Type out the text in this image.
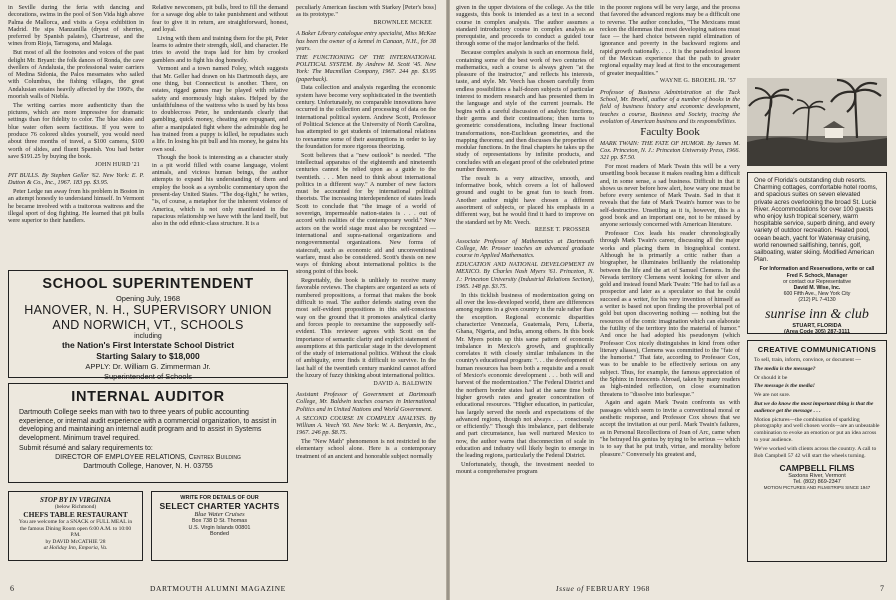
in Seville during the feria with dancing and decorations, swims in the pool of Son Vida high above Palma de Mallorca, and visits a Goya exhibition in Madrid. He sips Manzanilla (dryest of sherries, preferred by Spanish palates), Chartreuse, and the wines from Rioja, Tarragona, and Malaga.

But most of all the footnotes and voices of the past delight Mr. Bryant: the folk dances of Ronda, the cave dwellers of Andalusia, the professional water carriers of Medina Sidonia, the Palos messmates who sailed with Columbus, the fishing villages, the great Andalusian estates heavily affected by the 1960's, the moorish walls of Niebla.

The writing carries more authenticity than the pictures, which are more impressive for dramatic settings than for fidelity to color. The blue skies and blue water often seem factitious. If you were to produce 76 colored slides yourself, you would need about three months of travel, a $100 camera, $100 worth of slides, and fluent Spanish. You had better save $191.25 by buying the book.

JOHN HURD '21

PIT BULLS. By Stephen Geller '62. New York: E. P. Dutton & Co., Inc., 1967. 183 pp. $3.95.

Peter Ledge ran away from his problem in Boston in an attempt honestly to understand himself. In Vermont he became involved with a traitorous waitress and the illegal sport of dog fighting. He learned that pit bulls were superior to their handlers.

Relative newcomers, pit bulls, bred to fill the demand for a savage dog able to take punishment and without fear to give it in return, are straightforward, honest, and loyal.

Living with them and training them for the pit, Peter learns to admire their strength, skill, and character. He tries to avoid the traps laid for him by crooked gamblers and to fight his dog honestly.

Vermont and a town named Foley, which suggests that Mr. Geller had drawn on his Dartmouth days, are one thing, but Connecticut is another. There, on estates, rigged games may be played with relative safety and enormously high stakes. Helped by the unfaithfulness of the waitress who is used by his boss to doublecross Peter, he understands clearly that gambling, quick money, cheating are repugnant, and after a manipulated fight where the admirable dog he has trained from a puppy is killed, he repudiates such a life. In losing his pit bull and his money, he gains his own soul.

Though the book is interesting as a character study in a pit world filled with coarse language, violent animals, and vicious human beings, the author attempts to expand his understanding of them and employ the book as a symbolic commentary upon the present-day United States. "The dog-fight," he writes, "is, of course, a metaphor for the inherent violence of America, which is not only manifested in the rapacious relationship we have with the land itself, but also in the odd ethnic-class structure. It is a

peculiarly American fascism with Starkey [Peter's boss] as its prototype."

BROWNLEE MCKEE

A Baker Library catalogue entry specialist, Miss McKee has been the owner of a kennel in Canaan, N.H., for 38 years.

THE FUNCTIONING OF THE INTERNATIONAL POLITICAL SYSTEM. By Andrew M. Scott '45. New York: The Macmillan Company, 1967. 244 pp. $3.95 (paperback).

Data collection and analysis regarding the economic system have become very sophisticated in the twentieth century. Unfortunately, no comparable innovations have occurred in the collection and processing of data on the international political system. Andrew Scott, Professor of Political Science at the University of North Carolina, has attempted to get students of international relations to reexamine some of their assumptions in order to lay the foundation for more rigorous theorizing.

Scott believes that a "new outlook" is needed. "The intellectual apparatus of the eighteenth and nineteenth centuries cannot be relied upon as a guide to the twentieth. . . . Men need to think about international politics in a different way." A number of new factors must be accounted for by international political theorists. The increasing interdependence of states leads Scott to conclude that "the image of a world of sovereign, impermeable nation-states is . . . out of accord with realities of the contemporary world." New actors on the world stage must also be recognized — international and supra-national organizations and nongovernmental organizations. New forms of statecraft, such as economic aid and unconventional warfare, must also be considered. Scott's thesis on new ways of thinking about international politics is the strong point of this book.

Regrettably, the book is unlikely to receive many favorable reviews. The chapters are organized as sets of numbered propositions, a format that makes the book difficult to read. The author defends stating even the most self-evident propositions in this self-conscious way on the ground that it promotes analytical clarity and forces people to reexamine the supposedly self-evident. This reviewer agrees with Scott on the importance of semantic clarity and explicit statement of assumptions at this particular stage in the development of the study of international politics. Without the cloak of ambiguity, error finds it difficult to survive. In the last half of the twentieth century mankind cannot afford the luxury of fuzzy thinking about international politics.

DAVID A. BALDWIN

Assistant Professor of Government at Dartmouth College, Mr. Baldwin teaches courses in International Politics and in United Nations and World Government.

A SECOND COURSE IN COMPLEX ANALYSIS. By William A. Veech '60. New York: W. A. Benjamin, Inc., 1967. 246 pp. $8.75.

The "New Math" phenomenon is not restricted to the elementary school alone. Here is a contemporary treatment of an ancient and honorable subject normally

SCHOOL SUPERINTENDENT
Opening July, 1968
HANOVER, N. H., SUPERVISORY UNION
AND NORWICH, VT., SCHOOLS
including
the Nation's First Interstate School District
Starting Salary to $18,000
APPLY: Dr. William G. Zimmerman Jr.
Superintendent of Schools
INTERNAL AUDITOR

Dartmouth College seeks man with two to three years of public accounting experience, or internal audit experience with a commercial organization, to assist in developing and maintaining an internal audit program and to assist in Systems development. Minimum travel required.

Submit résumé and salary requirements to:

DIRECTOR OF EMPLOYEE RELATIONS, Centrex Building

Dartmouth College, Hanover, N. H. 03755

STOP BY IN VIRGINIA
(below Richmond)
CHEFS TABLE RESTAURANT
You are welcome for a SNACK or FULL MEAL in the famous Dining Room open 6:00 A.M. to 10:00 P.M.
by DAVID McCATHIE '28
at Holiday Inn, Emporia, Va.
WRITE FOR DETAILS OF OUR
SELECT CHARTER YACHTS
Blue Water Cruises
Box 738 D St. Thomas
U.S. Virgin Islands 00801
Bonded
6	DARTMOUTH ALUMNI MAGAZINE

given in the upper divisions of the college. As the title suggests, this book is intended as a text in a second course in complex analysis. The author assumes a standard introductory course in complex analysis as prerequisite, and proceeds to conduct a guided tour through some of the major landmarks of the field.

Because complex analysis is such an enormous field, containing some of the best work of two centuries of mathematics, such a course is always given "at the pleasure of the instructor," and reflects his interests, taste, and style. Mr. Veech has chosen carefully from endless possibilities a half-dozen subjects of particular interest to modern research and has presented them in the language and style of the current journals. He begins with a careful discussion of analytic functions, their germs and their continuations; then turns to geometric considerations, including linear fractional transformations, non-Euclidean geometries, and the mapping theorems; and then discusses the properties of modular functions. In the final chapters he takes up the study of representations by infinite products, and concludes with an elegant proof of the celebrated prime number theorem.

The result is a very attractive, smooth, and informative book, which covers a lot of hallowed ground and ought to be great fun to teach from. Another author might have chosen a different assortment of subjects, or placed his emphasis in a different way, but he would find it hard to improve on the standard set by Mr. Veech.

REESE T. PROSSER

Associate Professor of Mathematics at Dartmouth College, Mr. Prosser teaches an advanced graduate course in Applied Mathematics.

EDUCATION AND NATIONAL DEVELOPMENT IN MEXICO. By Charles Nash Myers '61. Princeton, N. J.: Princeton University (Industrial Relations Section), 1965. 148 pp. $3.75.

In this ticklish business of modernization going on all over the less-developed world, there are differences among regions in a given country in the rule rather than the exception. Regional economic disparities characterize Venezuela, Guatemala, Peru, Liberia, Ghana, Nigeria, and India, among others. In this book Mr. Myers points up this same pattern of economic imbalance in Mexico's growth, and graphically correlates it with closely similar imbalances in the country's educational program: ". . . the development of human resources has been both a requisite and a result of Mexico's economic development . . . both will and harvest of the modernization." The Federal District and the northern border states had at the same time both higher growth rates and greater concentration of educational resources. "Higher education, in particular, has largely served the needs and expectations of the advanced regions, though not always . . . consciously or efficiently." Though this imbalance, part deliberate and part circumstance, has well nurtured Mexico to now, the author warns that disconnection of scale in education and industry will likely begin to emerge in the leading regions, particularly the Federal District.

Unfortunately, though, the investment needed to mount a comprehensive program

in the poorer regions will be very large, and the process that favored the advanced regions may be a difficult one to reverse. The author concludes, "The Mexicans must reckon the dilemmas that most developing nations must face — the hard choice between rapid elimination of ignorance and poverty in the backward regions and rapid growth nationally. . . . It is the paradoxical lesson of the Mexican experience that the path to greater regional equality may lead at first to the encouragement of greater inequalities."

WAYNE G. BROEHL JR. '57

Professor of Business Administration at the Tuck School, Mr. Broehl, author of a number of books in the field of business history and economic development, teaches a course, Business and Society, tracing the evolution of American business and its responsibilities.

Faculty Book

MARK TWAIN: THE FATE OF HUMOR. By James M. Cox. Princeton, N. J.: Princeton University Press, 1966. 321 pp. $7.50.

For most readers of Mark Twain this will be a very unsettling book because it makes reading him a difficult and, in some sense, a sad business. Difficult in that it shows us never before how alert, how wary one must be before every sentence of Mark Twain. Sad in that it reveals that the fate of Mark Twain's humor was to be self-destructive. Unsettling as it is, however, this is a good book and an important one, not to be missed by anyone seriously concerned with American literature.

Professor Cox leads his reader chronologically through Mark Twain's career, discussing all the major works and placing them in biographical context. Although he is primarily a critic rather than a biographer, he illuminates brilliantly the relationship between the life and the art of Samuel Clemens. In the Nevada territory Clemens went looking for silver and gold and instead found Mark Twain: "He had to fail as a prospector and later as a speculator so that he could succeed as a writer, for his very invention of himself as a writer is based not upon finding the proverbial pot of gold but upon discovering nothing — nothing but the resources of the comic imagination which can elaborate the futility of the territory into the material of humor." And once he had adopted his pseudonym (which Professor Cox nicely distinguishes in kind from other literary aliases), Clemens was committed to the "fate of the humorist." That fate, according to Professor Cox, was to be unable to be effectively serious on any subject. Thus, for example, the famous appreciation of the Sphinx in Innocents Abroad, taken by many readers as high-minded reflection, on close examination threatens to "dissolve into burlesque."

Again and again Mark Twain confronts us with passages which seem to invite a conventional moral or aesthetic response, and Professor Cox shows that we accept the invitation at our peril. Mark Twain's failures, as in Personal Recollections of Joan of Arc, came when "he betrayed his genius by trying to be serious — which is to say that he put truth, virtue, and morality before pleasure." Conversely his greatest and,

One of Florida's outstanding club resorts. Charming cottages, comfortable hotel rooms, and spacious suites on seven elevated private acres overlooking the broad St. Lucie River. Accommodations for over 100 guests who enjoy lush tropical scenery, warm hospitable service, superb dining, and every variety of outdoor recreation. Heated pool, ocean beach, yacht for Waterway cruising, world renowned sailfishing, tennis, golf, sailboating, water skiing. Modified American Plan.

For Information and Reservations, write or call
Fred F. Schock, Manager
or contact our Representative
David M. Wise, Inc.
600 Fifth Ave., New York City
(212) PL 7-4130
sunrise inn & club
STUART, FLORIDA
(Area Code 305) 287-3111
CREATIVE COMMUNICATIONS

To sell, train, inform, convince, or document —

The media is the message?

Or should it be

The message is the media!

We are not sure.

But we do know the most important thing is that the audience get the message . . .

Motion pictures—the combination of sparkling photography and well chosen words—are an unbeatable combination to evoke an emotion or put an idea across to your audience.

We've worked with clients across the country. A call to Bob Campbell 57 42 will start the wheels turning.

CAMPBELL FILMS
Saxtons River, Vermont
Tel. (802) 869-2347
MOTION PICTURES AND FILMSTRIPS SINCE 1947
Issue of FEBRUARY 1968	7
